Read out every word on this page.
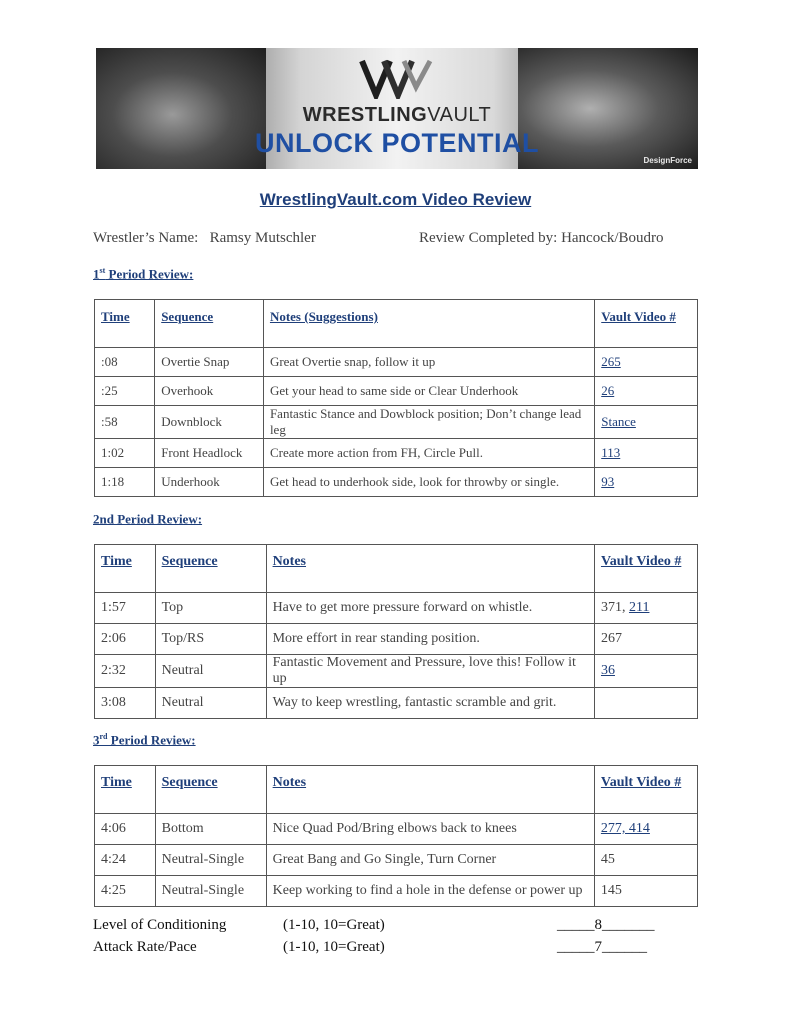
WRESTLINGVAULT
UNLOCK POTENTIAL
DesignForce
WrestlingVault.com Video Review
Wrestler’s Name: Ramsy Mutschler	Review Completed by: Hancock/Boudro
1st Period Review:
2nd Period Review:
3rd Period Review:
Time	Sequence	Notes (Suggestions)	Vault Video #
:08	Overtie Snap	Great Overtie snap, follow it up	265
:25	Overhook	Get your head to same side or Clear Underhook	26
:58	Downblock	Fantastic Stance and Dowblock position; Don’t change lead leg	Stance
1:02	Front Headlock	Create more action from FH, Circle Pull.	113
1:18	Underhook	Get head to underhook side, look for throwby or single.	93
Time	Sequence	Notes	Vault Video #
1:57	Top	Have to get more pressure forward on whistle.	371, 211
2:06	Top/RS	More effort in rear standing position.	267
2:32	Neutral	Fantastic Movement and Pressure, love this! Follow it up	36
3:08	Neutral	Way to keep wrestling, fantastic scramble and grit.	
Time	Sequence	Notes	Vault Video #
4:06	Bottom	Nice Quad Pod/Bring elbows back to knees	277, 414
4:24	Neutral-Single	Great Bang and Go Single, Turn Corner	45
4:25	Neutral-Single	Keep working to find a hole in the defense or power up	145
Level of Conditioning	(1-10, 10=Great)	_____8_______
Attack Rate/Pace	(1-10, 10=Great)	_____7______
